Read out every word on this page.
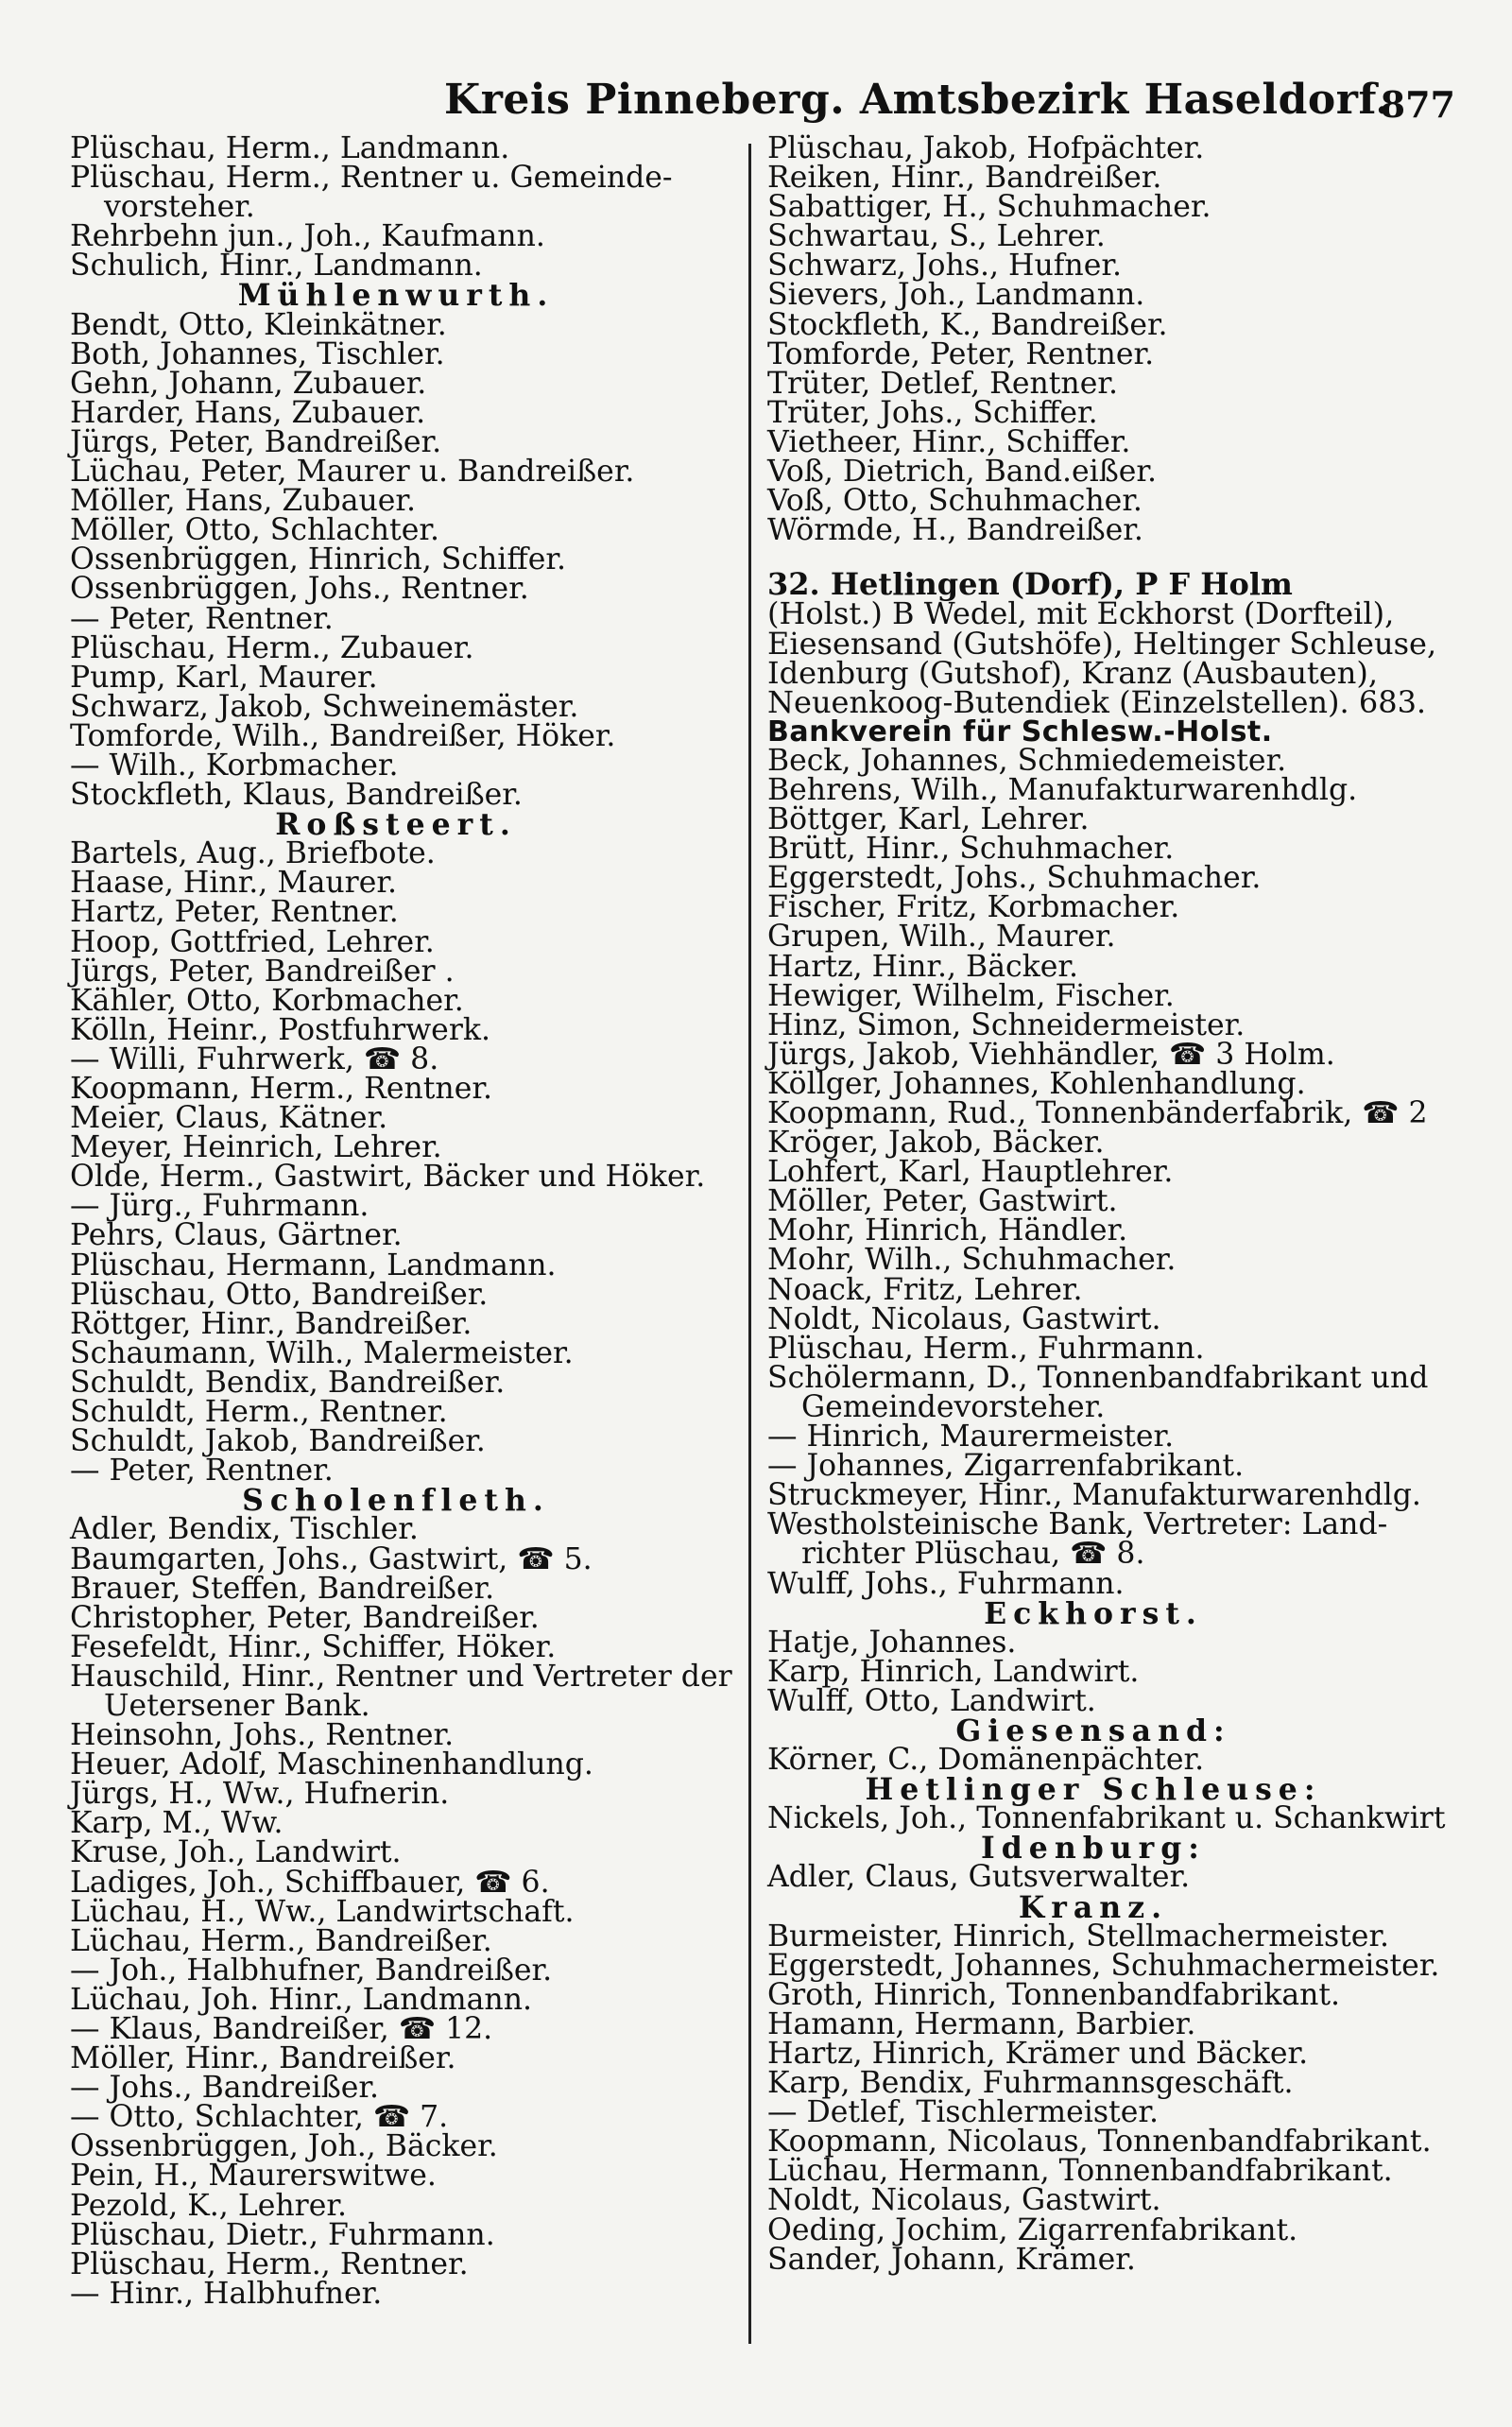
Kreis Pinneberg. Amtsbezirk Haseldorf.
877
Plüschau, Herm., Landmann.
Plüschau, Herm., Rentner u. Gemeinde-
vorsteher.
Rehrbehn jun., Joh., Kaufmann.
Schulich, Hinr., Landmann.
Mühlenwurth.
Bendt, Otto, Kleinkätner.
Both, Johannes, Tischler.
Gehn, Johann, Zubauer.
Harder, Hans, Zubauer.
Jürgs, Peter, Bandreißer.
Lüchau, Peter, Maurer u. Bandreißer.
Möller, Hans, Zubauer.
Möller, Otto, Schlachter.
Ossenbrüggen, Hinrich, Schiffer.
Ossenbrüggen, Johs., Rentner.
— Peter, Rentner.
Plüschau, Herm., Zubauer.
Pump, Karl, Maurer.
Schwarz, Jakob, Schweinemäster.
Tomforde, Wilh., Bandreißer, Höker.
— Wilh., Korbmacher.
Stockfleth, Klaus, Bandreißer.
Roßsteert.
Bartels, Aug., Briefbote.
Haase, Hinr., Maurer.
Hartz, Peter, Rentner.
Hoop, Gottfried, Lehrer.
Jürgs, Peter, Bandreißer .
Kähler, Otto, Korbmacher.
Kölln, Heinr., Postfuhrwerk.
— Willi, Fuhrwerk, ☎ 8.
Koopmann, Herm., Rentner.
Meier, Claus, Kätner.
Meyer, Heinrich, Lehrer.
Olde, Herm., Gastwirt, Bäcker und Höker.
— Jürg., Fuhrmann.
Pehrs, Claus, Gärtner.
Plüschau, Hermann, Landmann.
Plüschau, Otto, Bandreißer.
Röttger, Hinr., Bandreißer.
Schaumann, Wilh., Malermeister.
Schuldt, Bendix, Bandreißer.
Schuldt, Herm., Rentner.
Schuldt, Jakob, Bandreißer.
— Peter, Rentner.
Scholenfleth.
Adler, Bendix, Tischler.
Baumgarten, Johs., Gastwirt, ☎ 5.
Brauer, Steffen, Bandreißer.
Christopher, Peter, Bandreißer.
Fesefeldt, Hinr., Schiffer, Höker.
Hauschild, Hinr., Rentner und Vertreter der
Uetersener Bank.
Heinsohn, Johs., Rentner.
Heuer, Adolf, Maschinenhandlung.
Jürgs, H., Ww., Hufnerin.
Karp, M., Ww.
Kruse, Joh., Landwirt.
Ladiges, Joh., Schiffbauer, ☎ 6.
Lüchau, H., Ww., Landwirtschaft.
Lüchau, Herm., Bandreißer.
— Joh., Halbhufner, Bandreißer.
Lüchau, Joh. Hinr., Landmann.
— Klaus, Bandreißer, ☎ 12.
Möller, Hinr., Bandreißer.
— Johs., Bandreißer.
— Otto, Schlachter, ☎ 7.
Ossenbrüggen, Joh., Bäcker.
Pein, H., Maurerswitwe.
Pezold, K., Lehrer.
Plüschau, Dietr., Fuhrmann.
Plüschau, Herm., Rentner.
— Hinr., Halbhufner.
Plüschau, Jakob, Hofpächter.
Reiken, Hinr., Bandreißer.
Sabattiger, H., Schuhmacher.
Schwartau, S., Lehrer.
Schwarz, Johs., Hufner.
Sievers, Joh., Landmann.
Stockfleth, K., Bandreißer.
Tomforde, Peter, Rentner.
Trüter, Detlef, Rentner.
Trüter, Johs., Schiffer.
Vietheer, Hinr., Schiffer.
Voß, Dietrich, Band.eißer.
Voß, Otto, Schuhmacher.
Wörmde, H., Bandreißer.
32. Hetlingen (Dorf), P F Holm
(Holst.) B Wedel, mit Eckhorst (Dorfteil),
Eiesensand (Gutshöfe), Heltinger Schleuse,
Idenburg (Gutshof), Kranz (Ausbauten),
Neuenkoog-Butendiek (Einzelstellen). 683.
Bankverein für Schlesw.-Holst.
Beck, Johannes, Schmiedemeister.
Behrens, Wilh., Manufakturwarenhdlg.
Böttger, Karl, Lehrer.
Brütt, Hinr., Schuhmacher.
Eggerstedt, Johs., Schuhmacher.
Fischer, Fritz, Korbmacher.
Grupen, Wilh., Maurer.
Hartz, Hinr., Bäcker.
Hewiger, Wilhelm, Fischer.
Hinz, Simon, Schneidermeister.
Jürgs, Jakob, Viehhändler, ☎ 3 Holm.
Köllger, Johannes, Kohlenhandlung.
Koopmann, Rud., Tonnenbänderfabrik, ☎ 2
Kröger, Jakob, Bäcker.
Lohfert, Karl, Hauptlehrer.
Möller, Peter, Gastwirt.
Mohr, Hinrich, Händler.
Mohr, Wilh., Schuhmacher.
Noack, Fritz, Lehrer.
Noldt, Nicolaus, Gastwirt.
Plüschau, Herm., Fuhrmann.
Schölermann, D., Tonnenbandfabrikant und
Gemeindevorsteher.
— Hinrich, Maurermeister.
— Johannes, Zigarrenfabrikant.
Struckmeyer, Hinr., Manufakturwarenhdlg.
Westholsteinische Bank, Vertreter: Land-
richter Plüschau, ☎ 8.
Wulff, Johs., Fuhrmann.
Eckhorst.
Hatje, Johannes.
Karp, Hinrich, Landwirt.
Wulff, Otto, Landwirt.
Giesensand:
Körner, C., Domänenpächter.
Hetlinger Schleuse:
Nickels, Joh., Tonnenfabrikant u. Schankwirt
Idenburg:
Adler, Claus, Gutsverwalter.
Kranz.
Burmeister, Hinrich, Stellmachermeister.
Eggerstedt, Johannes, Schuhmachermeister.
Groth, Hinrich, Tonnenbandfabrikant.
Hamann, Hermann, Barbier.
Hartz, Hinrich, Krämer und Bäcker.
Karp, Bendix, Fuhrmannsgeschäft.
— Detlef, Tischlermeister.
Koopmann, Nicolaus, Tonnenbandfabrikant.
Lüchau, Hermann, Tonnenbandfabrikant.
Noldt, Nicolaus, Gastwirt.
Oeding, Jochim, Zigarrenfabrikant.
Sander, Johann, Krämer.
